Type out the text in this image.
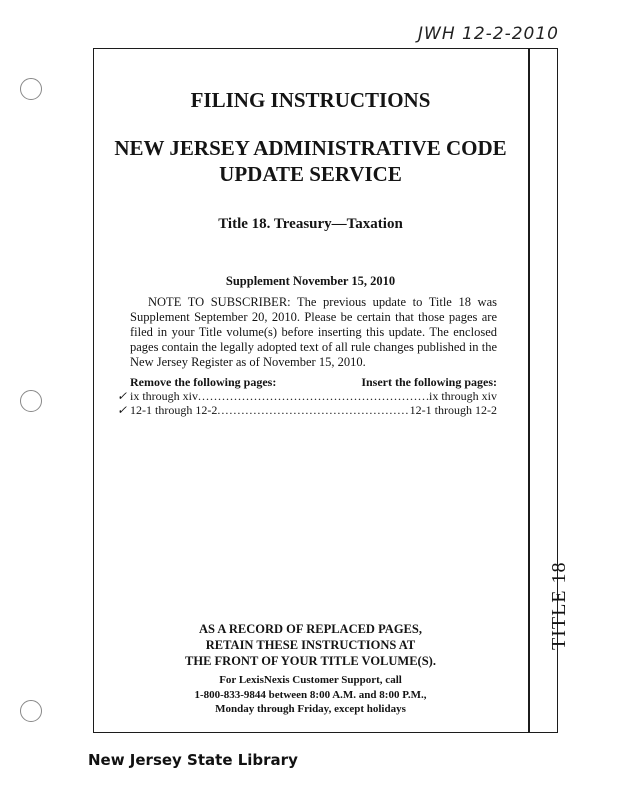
JWH 12-2-2010
FILING INSTRUCTIONS
NEW JERSEY ADMINISTRATIVE CODE
UPDATE SERVICE
Title 18. Treasury—Taxation
Supplement November 15, 2010
NOTE TO SUBSCRIBER: The previous update to Title 18 was Supplement September 20, 2010. Please be certain that those pages are filed in your Title volume(s) before inserting this update. The enclosed pages contain the legally adopted text of all rule changes published in the New Jersey Register as of November 15, 2010.
Remove the following pages:	Insert the following pages:
✓ ix through xiv .....	ix through xiv
✓ 12-1 through 12-2 .....	12-1 through 12-2
AS A RECORD OF REPLACED PAGES,
RETAIN THESE INSTRUCTIONS AT
THE FRONT OF YOUR TITLE VOLUME(S).
For LexisNexis Customer Support, call
1-800-833-9844 between 8:00 A.M. and 8:00 P.M.,
Monday through Friday, except holidays
TITLE 18
New Jersey State Library
